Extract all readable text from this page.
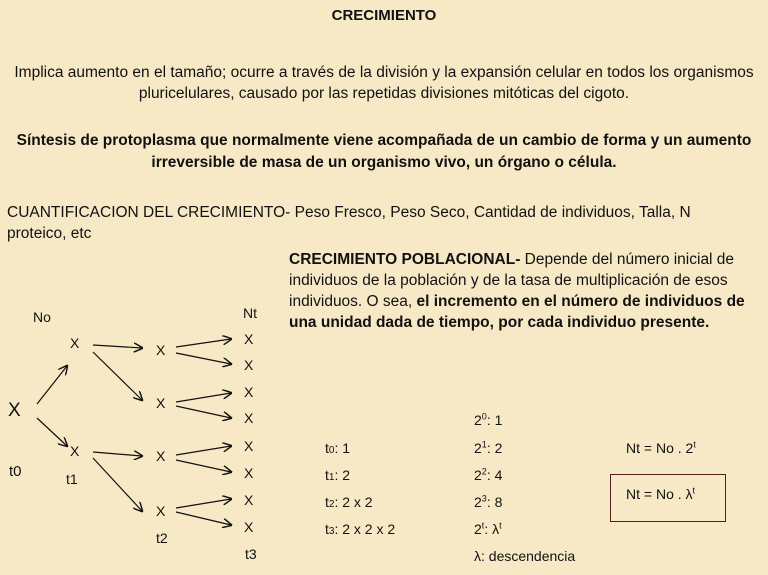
CRECIMIENTO
Implica aumento en el tamaño; ocurre a través de la división y la expansión celular en todos los organismos pluricelulares, causado por las repetidas divisiones mitóticas del cigoto.
Síntesis de protoplasma que normalmente viene acompañada de un cambio de forma y un aumento irreversible de masa de un organismo vivo, un órgano o célula.
CUANTIFICACION DEL CRECIMIENTO- Peso Fresco, Peso Seco, Cantidad de individuos, Talla, N proteico, etc
CRECIMIENTO POBLACIONAL- Depende del número inicial de individuos de la población y de la tasa de multiplicación de esos individuos. O sea, el incremento en el número de individuos de una unidad dada de tiempo, por cada individuo presente.
No	Nt
X
X
X
X
X
X
X
X
X
X
X
X
X
X
X
t0	t1
t2
t3
t0: 1
t1: 2
t2: 2 x 2
t3: 2 x 2 x 2
$2^0$: 1
$2^1$: 2
$2^2$: 4
$2^3$: 8
2$^t$: $\lambda^t$
λ: descendencia
Nt = No . 2$^t$
Nt = No . $\lambda^t$
